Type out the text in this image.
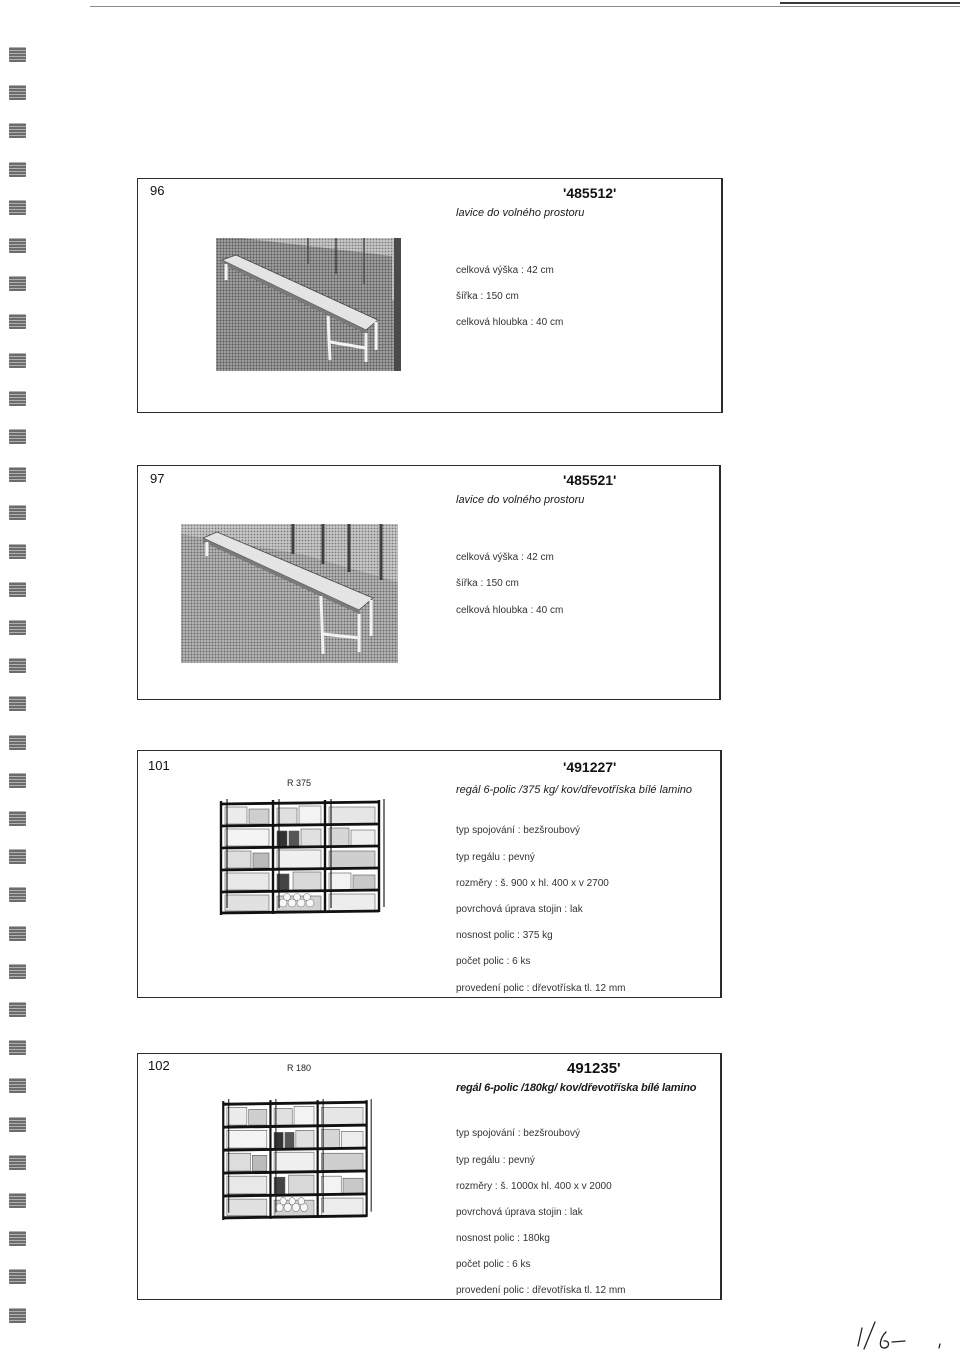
96	'485512'
lavice do volného prostoru
celková výška : 42 cm
šířka : 150 cm
celková hloubka : 40 cm
97	'485521'
lavice do volného prostoru
celková výška : 42 cm
šířka : 150 cm
celková hloubka : 40 cm
101
R 375
'491227'
regál 6-polic /375 kg/ kov/dřevotříska bílé lamino
typ spojování : bezšroubový
typ regálu : pevný
rozměry : š. 900 x hl. 400 x v 2700
povrchová úprava stojin : lak
nosnost polic : 375 kg
počet polic : 6 ks
provedení polic : dřevotříska tl. 12 mm
102	R 180	491235'
regál 6-polic /180kg/ kov/dřevotříska bílé lamino
typ spojování : bezšroubový
typ regálu : pevný
rozměry : š. 1000x hl. 400 x v 2000
povrchová úprava stojin : lak
nosnost polic : 180kg
počet polic : 6 ks
provedení polic : dřevotříska tl. 12 mm
